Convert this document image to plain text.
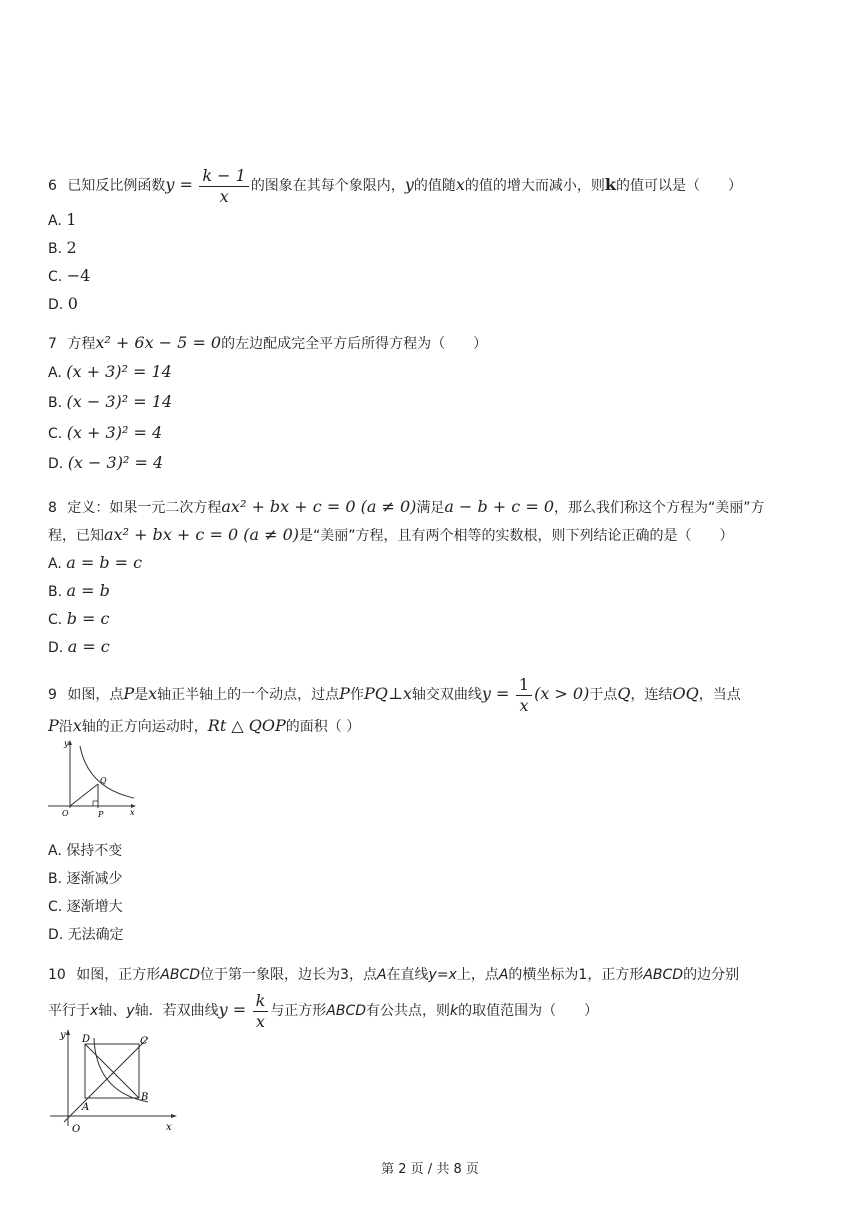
6 已知反比例函数$y = \frac{k - 1}{x}$ 的图象在其每个象限内，y的值随x的值的增大而减小，则k的值可以是（　　）
A. 1
B. 2
C. −4
D. 0
7 方程x² + 6x − 5 = 0的左边配成完全平方后所得方程为（　　）
A. (x + 3)² = 14
B. (x − 3)² = 14
C. (x + 3)² = 4
D. (x − 3)² = 4
8 定义：如果一元二次方程ax² + bx + c = 0 (a ≠ 0)满足a − b + c = 0，那么我们称这个方程为“美丽”方
程，已知ax² + bx + c = 0 (a ≠ 0)是“美丽”方程，且有两个相等的实数根，则下列结论正确的是（　　）
A. a = b = c
B. a = b
C. b = c
D. a = c
9 如图，点P是x轴正半轴上的一个动点，过点P作PQ⊥x轴交双曲线$y = \frac{1}{x} (x > 0)$于点Q，连结OQ，当点
P沿x轴的正方向运动时，Rt △ QOP的面积（ ）
y
x
O	P
Q
A. 保持不变
B. 逐渐减少
C. 逐渐增大
D. 无法确定
10 如图，正方形ABCD位于第一象限，边长为3，点A在直线y=x上，点A的横坐标为1，正方形ABCD的边分别
平行于x轴、y轴．若双曲线$y = \frac{k}{x}$ 与正方形ABCD有公共点，则k的取值范围为（　　）
y
x
O
A
B
C
D
第 2 页 / 共 8 页
